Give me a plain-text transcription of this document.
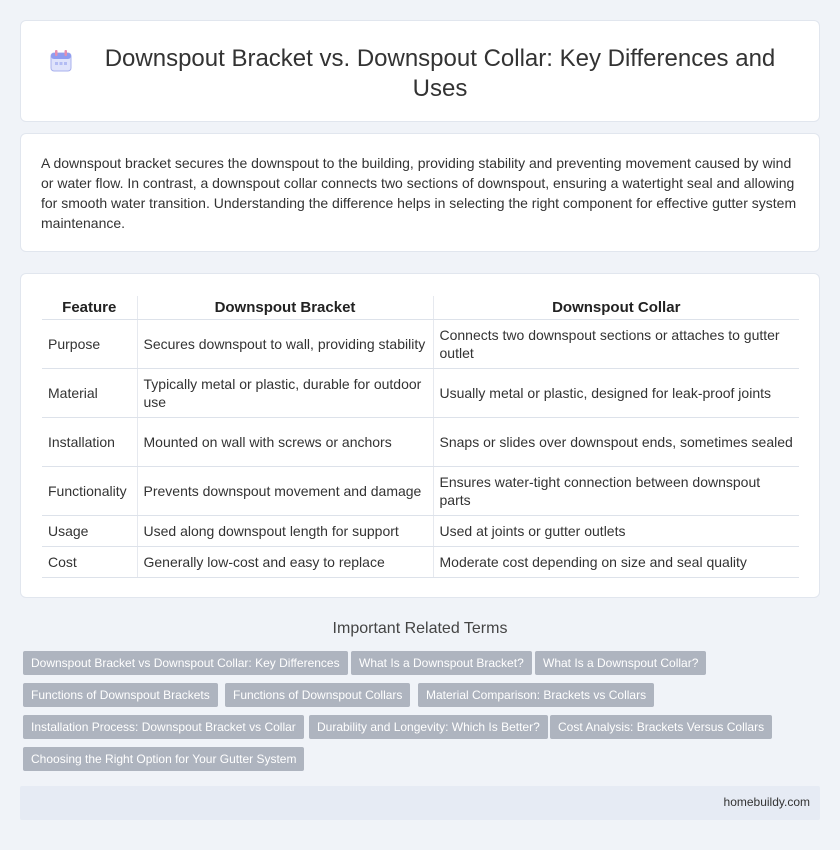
Downspout Bracket vs. Downspout Collar: Key Differences and Uses

A downspout bracket secures the downspout to the building, providing stability and preventing movement caused by wind or water flow. In contrast, a downspout collar connects two sections of downspout, ensuring a watertight seal and allowing for smooth water transition. Understanding the difference helps in selecting the right component for effective gutter system maintenance.

Feature	Downspout Bracket	Downspout Collar
Purpose	Secures downspout to wall, providing stability	Connects two downspout sections or attaches to gutter outlet
Material	Typically metal or plastic, durable for outdoor use	Usually metal or plastic, designed for leak-proof joints
Installation	Mounted on wall with screws or anchors	Snaps or slides over downspout ends, sometimes sealed
Functionality	Prevents downspout movement and damage	Ensures water-tight connection between downspout parts
Usage	Used along downspout length for support	Used at joints or gutter outlets
Cost	Generally low-cost and easy to replace	Moderate cost depending on size and seal quality
Important Related Terms
Downspout Bracket vs Downspout Collar: Key Differences	What Is a Downspout Bracket?	What Is a Downspout Collar?
Functions of Downspout Brackets	Functions of Downspout Collars	Material Comparison: Brackets vs Collars
Installation Process: Downspout Bracket vs Collar	Durability and Longevity: Which Is Better?	Cost Analysis: Brackets Versus Collars
Choosing the Right Option for Your Gutter System
homebuildy.com
